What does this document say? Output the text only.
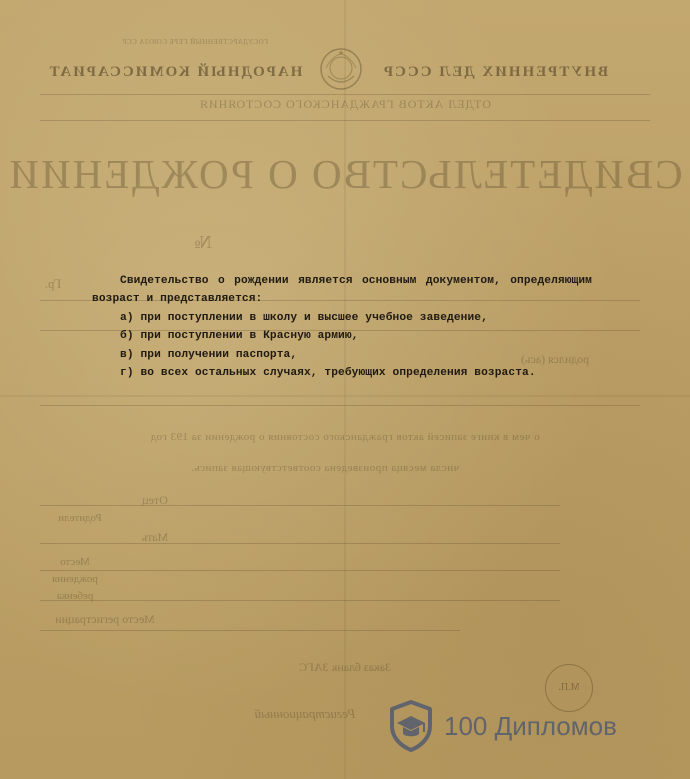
ГОСУДАРСТВЕННЫЙ ГЕРБ СОЮЗА ССР
НАРОДНЫЙ КОМИССАРИАТ	ВНУТРЕННИХ ДЕЛ СССР
ОТДЕЛ АКТОВ ГРАЖДАНСКОГО СОСТОЯНИЯ
СВИДЕТЕЛЬСТВО О РОЖДЕНИИ
№
Гр.
родился (ась)
о чем в книге записей актов гражданского состояния о рождении за 193 год
числа месяца произведена соответствующая запись.
Отец
Родители
Мать
Место
рождения
ребенка
Место регистрации
Заказ бланк ЗАГС
М.П.
Регистрационный
Свидетельство о рождении является основным документом, определяющим возраст и представляется:
а) при поступлении в школу и высшее учебное заведение,
б) при поступлении в Красную армию,
в) при получении паспорта,
г) во всех остальных случаях, требующих определения возраста.
100 Дипломов
